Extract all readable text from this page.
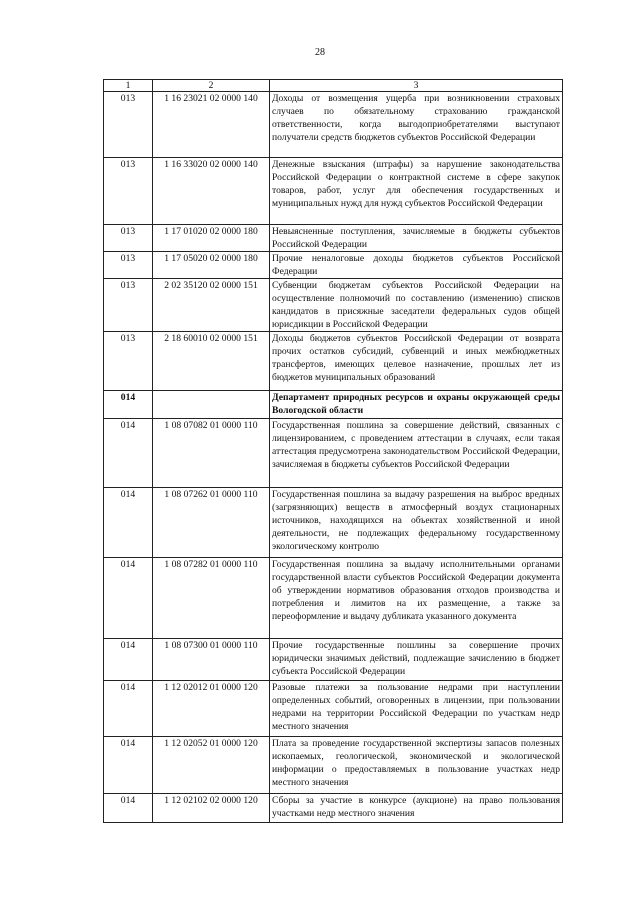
28
1	2	3
013	1 16 23021 02 0000 140	Доходы от возмещения ущерба при возникновении страховых случаев по обязательному страхованию гражданской ответственности, когда выгодоприобретателями выступают получатели средств бюджетов субъектов Российской Федерации
013	1 16 33020 02 0000 140	Денежные взыскания (штрафы) за нарушение законодательства Российской Федерации о контрактной системе в сфере закупок товаров, работ, услуг для обеспечения государственных и муниципальных нужд для нужд субъектов Российской Федерации
013	1 17 01020 02 0000 180	Невыясненные поступления, зачисляемые в бюджеты субъектов Российской Федерации
013	1 17 05020 02 0000 180	Прочие неналоговые доходы бюджетов субъектов Российской Федерации
013	2 02 35120 02 0000 151	Субвенции бюджетам субъектов Российской Федерации на осуществление полномочий по составлению (изменению) списков кандидатов в присяжные заседатели федеральных судов общей юрисдикции в Российской Федерации
013	2 18 60010 02 0000 151	Доходы бюджетов субъектов Российской Федерации от возврата прочих остатков субсидий, субвенций и иных межбюджетных трансфертов, имеющих целевое назначение, прошлых лет из бюджетов муниципальных образований
014		Департамент природных ресурсов и охраны окружающей среды Вологодской области
014	1 08 07082 01 0000 110	Государственная пошлина за совершение действий, связанных с лицензированием, с проведением аттестации в случаях, если такая аттестация предусмотрена законодательством Российской Федерации, зачисляемая в бюджеты субъектов Российской Федерации
014	1 08 07262 01 0000 110	Государственная пошлина за выдачу разрешения на выброс вредных (загрязняющих) веществ в атмосферный воздух стационарных источников, находящихся на объектах хозяйственной и иной деятельности, не подлежащих федеральному государственному экологическому контролю
014	1 08 07282 01 0000 110	Государственная пошлина за выдачу исполнительными органами государственной власти субъектов Российской Федерации документа об утверждении нормативов образования отходов производства и потребления и лимитов на их размещение, а также за переоформление и выдачу дубликата указанного документа
014	1 08 07300 01 0000 110	Прочие государственные пошлины за совершение прочих юридически значимых действий, подлежащие зачислению в бюджет субъекта Российской Федерации
014	1 12 02012 01 0000 120	Разовые платежи за пользование недрами при наступлении определенных событий, оговоренных в лицензии, при пользовании недрами на территории Российской Федерации по участкам недр местного значения
014	1 12 02052 01 0000 120	Плата за проведение государственной экспертизы запасов полезных ископаемых, геологической, экономической и экологической информации о предоставляемых в пользование участках недр местного значения
014	1 12 02102 02 0000 120	Сборы за участие в конкурсе (аукционе) на право пользования участками недр местного значения
